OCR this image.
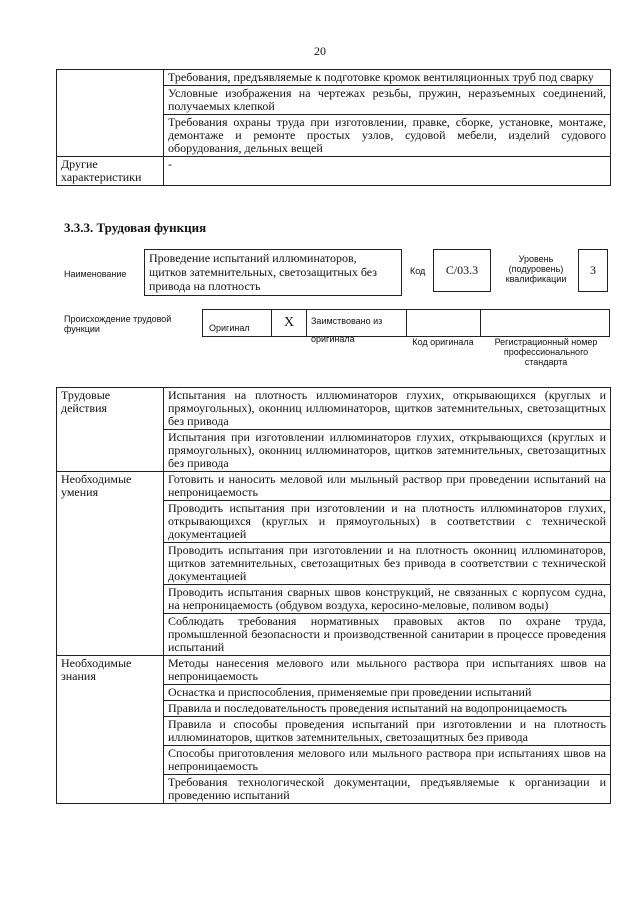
20
	Требования, предъявляемые к подготовке кромок вентиляционных труб под сварку
	Условные изображения на чертежах резьбы, пружин, неразъемных соединений, получаемых клепкой
	Требования охраны труда при изготовлении, правке, сборке, установке, монтаже, демонтаже и ремонте простых узлов, судовой мебели, изделий судового оборудования, дельных вещей
Другие характеристики	-
3.3.3. Трудовая функция
Наименование
Проведение испытаний иллюминаторов, щитков затемнительных, светозащитных без привода на плотность
Код	С/03.3
Уровень (подуровень) квалификации
3
Происхождение трудовой функции	Оригинал	X	Заимствовано из оригинала	Код оригинала	Регистрационный номер профессионального стандарта
Трудовые действия	Испытания на плотность иллюминаторов глухих, открывающихся (круглых и прямоугольных), оконниц иллюминаторов, щитков затемнительных, светозащитных без привода
	Испытания при изготовлении иллюминаторов глухих, открывающихся (круглых и прямоугольных), оконниц иллюминаторов, щитков затемнительных, светозащитных без привода
Необходимые умения	Готовить и наносить меловой или мыльный раствор при проведении испытаний на непроницаемость
	Проводить испытания при изготовлении и на плотность иллюминаторов глухих, открывающихся (круглых и прямоугольных) в соответствии с технической документацией
	Проводить испытания при изготовлении и на плотность оконниц иллюминаторов, щитков затемнительных, светозащитных без привода в соответствии с технической документацией
	Проводить испытания сварных швов конструкций, не связанных с корпусом судна, на непроницаемость (обдувом воздуха, керосино-меловые, поливом воды)
	Соблюдать требования нормативных правовых актов по охране труда, промышленной безопасности и производственной санитарии в процессе проведения испытаний
Необходимые знания	Методы нанесения мелового или мыльного раствора при испытаниях швов на непроницаемость
	Оснастка и приспособления, применяемые при проведении испытаний
	Правила и последовательность проведения испытаний на водопроницаемость
	Правила и способы проведения испытаний при изготовлении и на плотность иллюминаторов, щитков затемнительных, светозащитных без привода
	Способы приготовления мелового или мыльного раствора при испытаниях швов на непроницаемость
	Требования технологической документации, предъявляемые к организации и проведению испытаний
